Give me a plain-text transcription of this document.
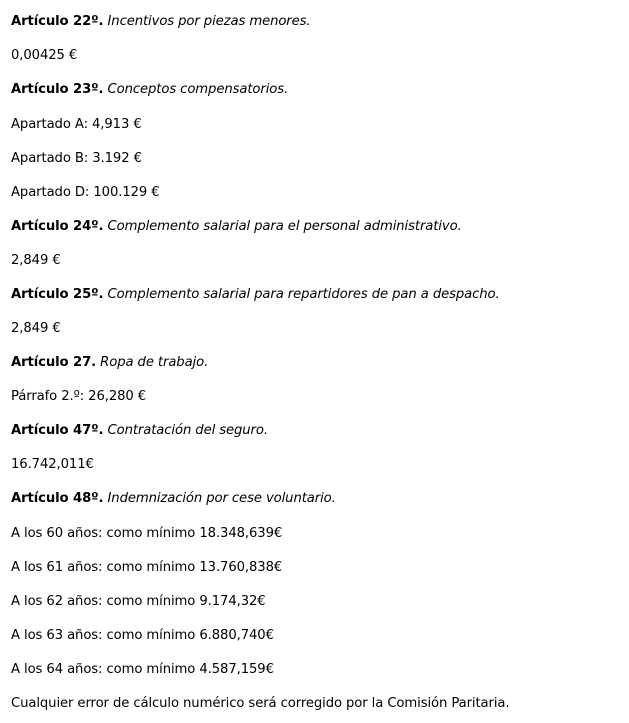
Artículo 22º. Incentivos por piezas menores.
0,00425 €
Artículo 23º. Conceptos compensatorios.
Apartado A: 4,913 €
Apartado B: 3.192 €
Apartado D: 100.129 €
Artículo 24º. Complemento salarial para el personal administrativo.
2,849 €
Artículo 25º. Complemento salarial para repartidores de pan a despacho.
2,849 €
Artículo 27. Ropa de trabajo.
Párrafo 2.º: 26,280 €
Artículo 47º. Contratación del seguro.
16.742,011€
Artículo 48º. Indemnización por cese voluntario.
A los 60 años: como mínimo 18.348,639€
A los 61 años: como mínimo 13.760,838€
A los 62 años: como mínimo 9.174,32€
A los 63 años: como mínimo 6.880,740€
A los 64 años: como mínimo 4.587,159€
Cualquier error de cálculo numérico será corregido por la Comisión Paritaria.
